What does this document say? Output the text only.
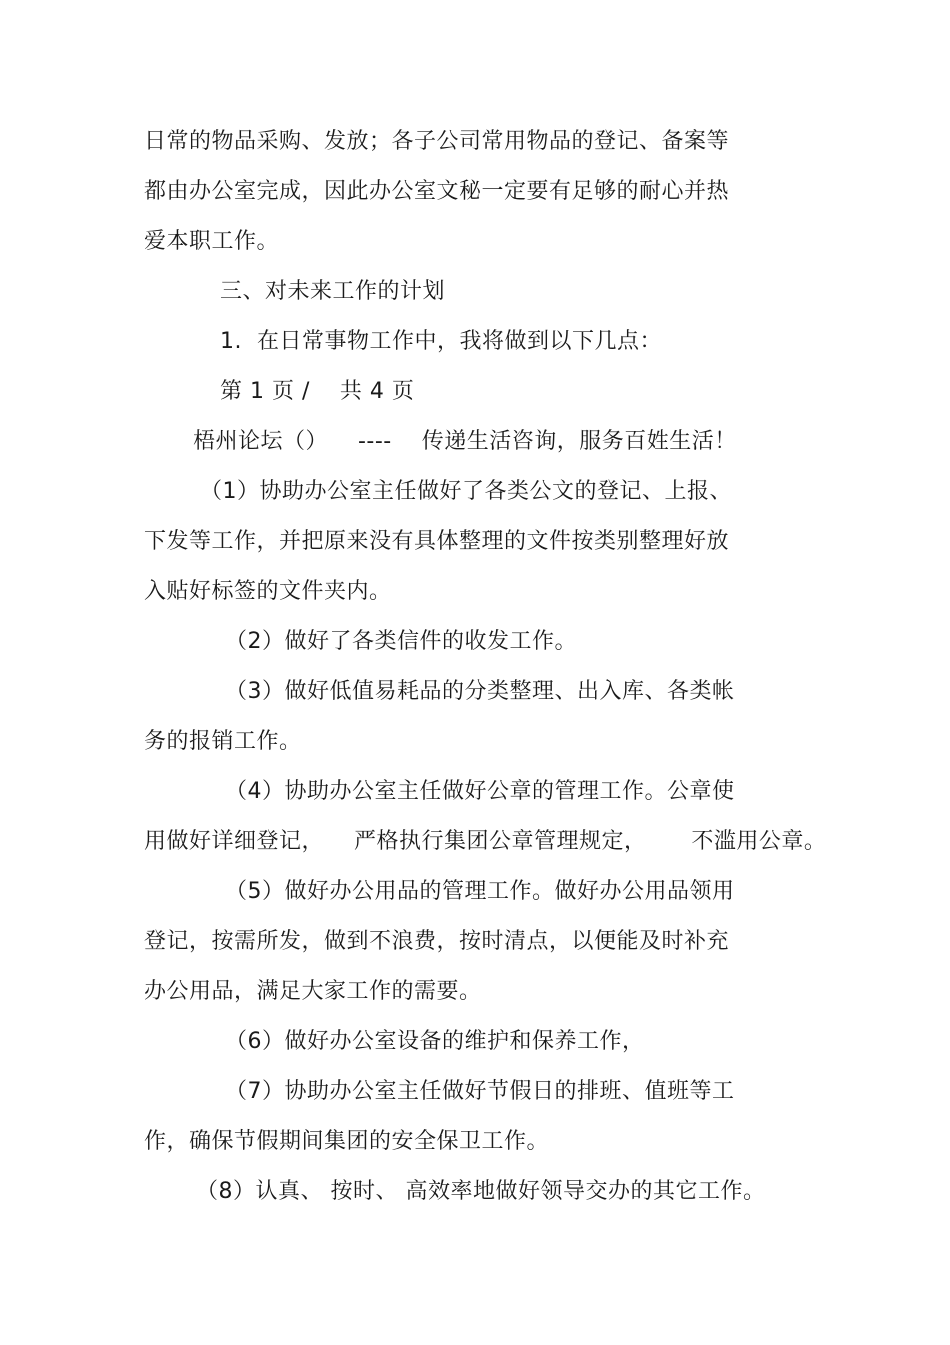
日常的物品采购、发放；各子公司常用物品的登记、备案等
都由办公室完成，因此办公室文秘一定要有足够的耐心并热
爱本职工作。
三、对未来工作的计划
1.  在日常事物工作中，我将做到以下几点：
第 1 页 /    共 4 页
梧州论坛（）    ----    传递生活咨询，服务百姓生活！
（1）协助办公室主任做好了各类公文的登记、上报、
下发等工作，并把原来没有具体整理的文件按类别整理好放
入贴好标签的文件夹内。
（2）做好了各类信件的收发工作。
（3）做好低值易耗品的分类整理、出入库、各类帐
务的报销工作。
（4）协助办公室主任做好公章的管理工作。公章使
用做好详细登记，    严格执行集团公章管理规定，      不滥用公章。
（5）做好办公用品的管理工作。做好办公用品领用
登记，按需所发，做到不浪费，按时清点，以便能及时补充
办公用品，满足大家工作的需要。
（6）做好办公室设备的维护和保养工作，
（7）协助办公室主任做好节假日的排班、值班等工
作，确保节假期间集团的安全保卫工作。
（8）认真、 按时、 高效率地做好领导交办的其它工作。
